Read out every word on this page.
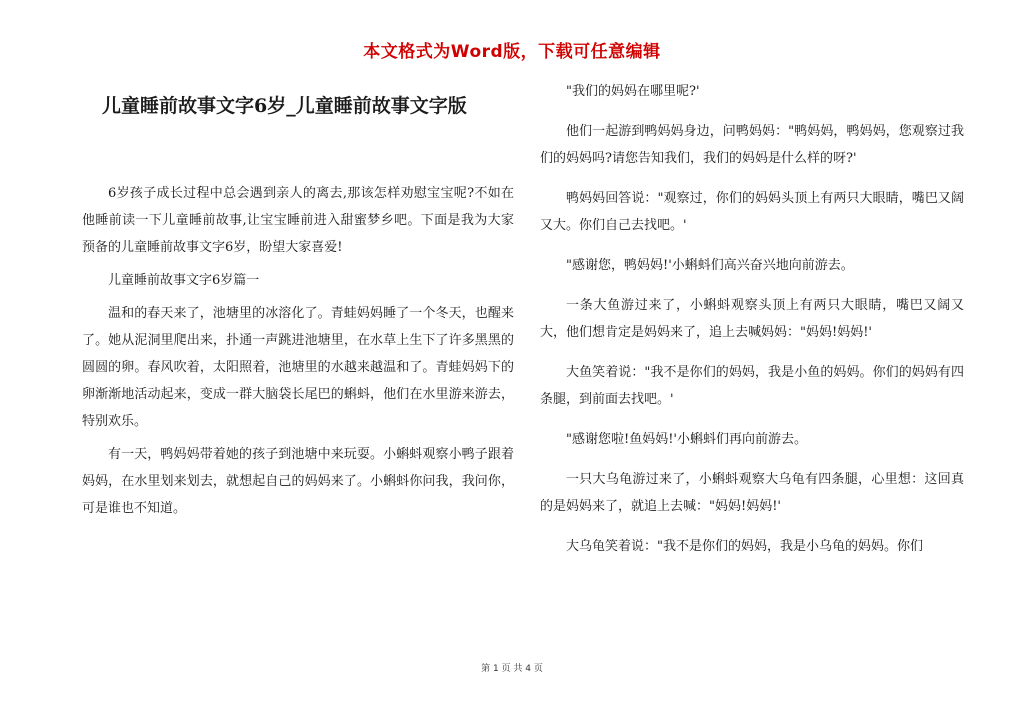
本文格式为Word版，下载可任意编辑
儿童睡前故事文字6岁_儿童睡前故事文字版

6岁孩子成长过程中总会遇到亲人的离去,那该怎样劝慰宝宝呢?不如在他睡前读一下儿童睡前故事,让宝宝睡前进入甜蜜梦乡吧。下面是我为大家预备的儿童睡前故事文字6岁，盼望大家喜爱!

儿童睡前故事文字6岁篇一

温和的春天来了，池塘里的冰溶化了。青蛙妈妈睡了一个冬天，也醒来了。她从泥洞里爬出来，扑通一声跳进池塘里，在水草上生下了许多黑黑的圆圆的卵。春风吹着，太阳照着，池塘里的水越来越温和了。青蛙妈妈下的卵渐渐地活动起来，变成一群大脑袋长尾巴的蝌蚪，他们在水里游来游去，特别欢乐。

有一天，鸭妈妈带着她的孩子到池塘中来玩耍。小蝌蚪观察小鸭子跟着妈妈，在水里划来划去，就想起自己的妈妈来了。小蝌蚪你问我，我问你，可是谁也不知道。

"我们的妈妈在哪里呢?'

他们一起游到鸭妈妈身边，问鸭妈妈："鸭妈妈，鸭妈妈，您观察过我们的妈妈吗?请您告知我们，我们的妈妈是什么样的呀?'

鸭妈妈回答说："观察过，你们的妈妈头顶上有两只大眼睛，嘴巴又阔又大。你们自己去找吧。'

"感谢您，鸭妈妈!'小蝌蚪们高兴奋兴地向前游去。

一条大鱼游过来了，小蝌蚪观察头顶上有两只大眼睛，嘴巴又阔又大，他们想肯定是妈妈来了，追上去喊妈妈："妈妈!妈妈!'

大鱼笑着说："我不是你们的妈妈，我是小鱼的妈妈。你们的妈妈有四条腿，到前面去找吧。'

"感谢您啦!鱼妈妈!'小蝌蚪们再向前游去。

一只大乌龟游过来了，小蝌蚪观察大乌龟有四条腿，心里想：这回真的是妈妈来了，就追上去喊："妈妈!妈妈!'

大乌龟笑着说："我不是你们的妈妈，我是小乌龟的妈妈。你们

第 1 页 共 4 页
